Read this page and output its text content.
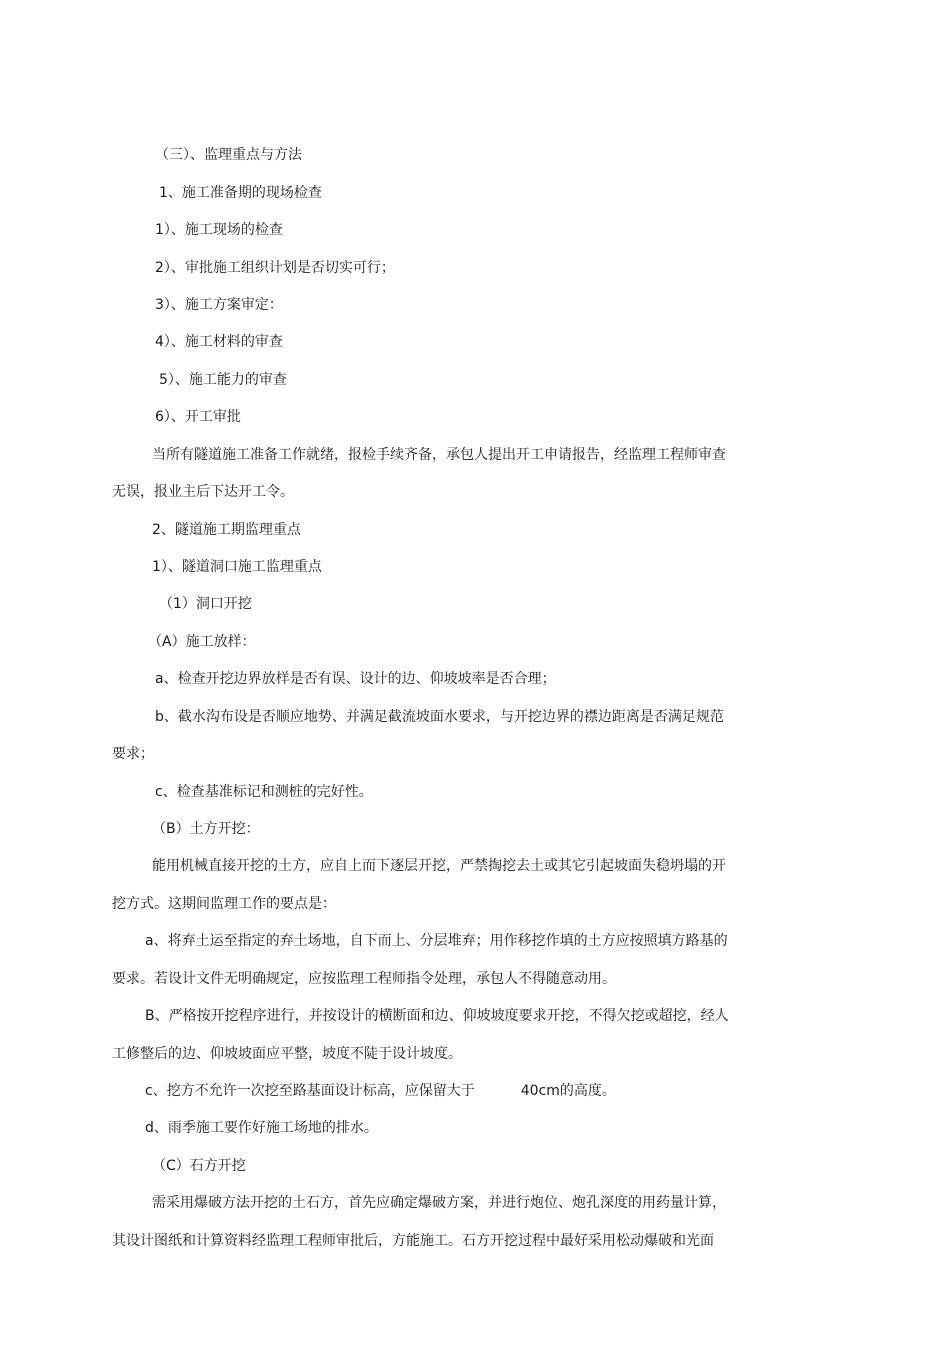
（三）、监理重点与方法
1、施工准备期的现场检查
1）、施工现场的检查
2）、审批施工组织计划是否切实可行；
3）、施工方案审定：
4）、施工材料的审查
5）、施工能力的审查
6）、开工审批
当所有隧道施工准备工作就绪，报检手续齐备，承包人提出开工申请报告，经监理工程师审查
无误，报业主后下达开工令。
2、隧道施工期监理重点
1）、隧道洞口施工监理重点
（1）洞口开挖
（A）施工放样：
a、检查开挖边界放样是否有误、设计的边、仰坡坡率是否合理；
b、截水沟布设是否顺应地势、并满足截流坡面水要求，与开挖边界的襟边距离是否满足规范
要求；
c、检查基准标记和测桩的完好性。
（B）土方开挖：
能用机械直接开挖的土方，应自上而下逐层开挖，严禁掏挖去土或其它引起坡面失稳坍塌的开
挖方式。这期间监理工作的要点是：
a、将弃土运至指定的弃土场地，自下而上、分层堆弃；用作移挖作填的土方应按照填方路基的
要求。若设计文件无明确规定，应按监理工程师指令处理，承包人不得随意动用。
B、严格按开挖程序进行，并按设计的横断面和边、仰坡坡度要求开挖，不得欠挖或超挖，经人
工修整后的边、仰坡坡面应平整，坡度不陡于设计坡度。
c、挖方不允许一次挖至路基面设计标高，应保留大于	40cm的高度。
d、雨季施工要作好施工场地的排水。
（C）石方开挖
需采用爆破方法开挖的土石方，首先应确定爆破方案，并进行炮位、炮孔深度的用药量计算，
其设计图纸和计算资料经监理工程师审批后，方能施工。石方开挖过程中最好采用松动爆破和光面
